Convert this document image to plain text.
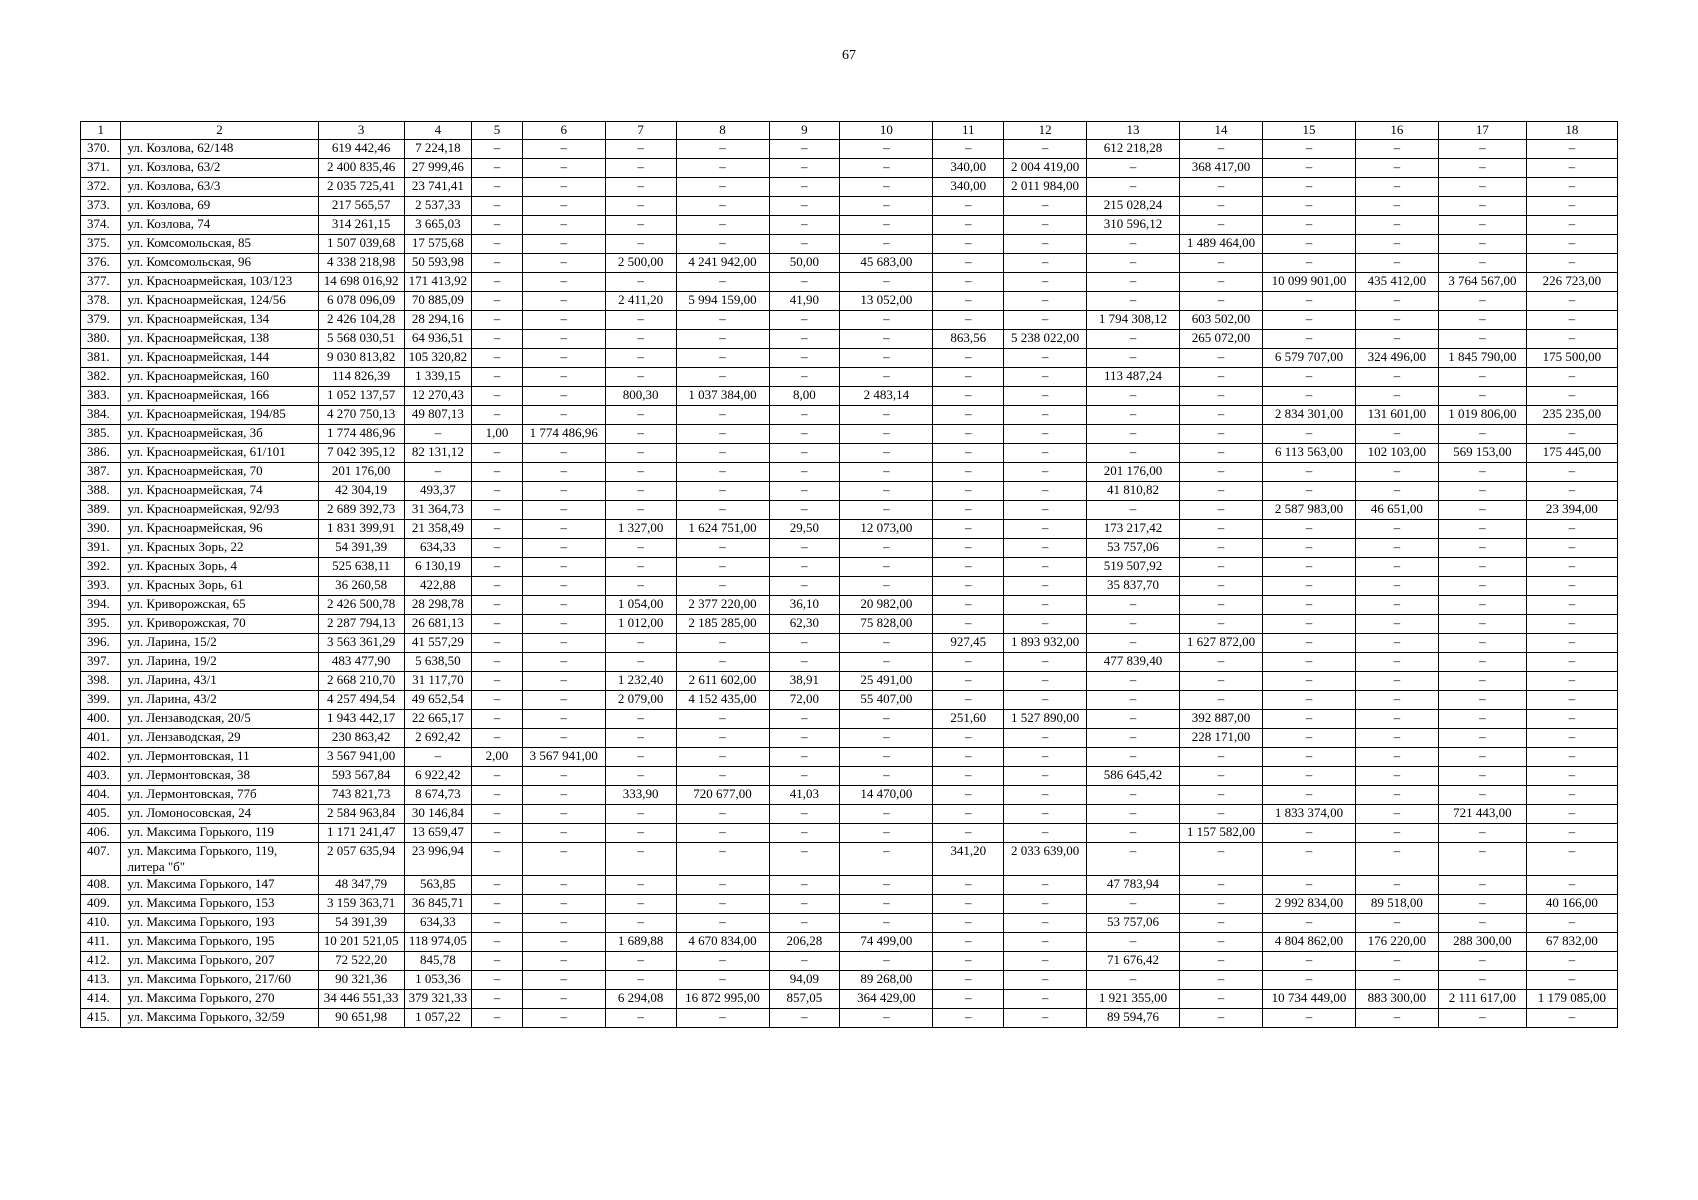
67
1	2	3	4	5	6	7	8	9	10	11	12	13	14	15	16	17	18
370.	ул. Козлова, 62/148	619 442,46	7 224,18	–	–	–	–	–	–	–	–	612 218,28	–	–	–	–	–
371.	ул. Козлова, 63/2	2 400 835,46	27 999,46	–	–	–	–	–	–	340,00	2 004 419,00	–	368 417,00	–	–	–	–
372.	ул. Козлова, 63/3	2 035 725,41	23 741,41	–	–	–	–	–	–	340,00	2 011 984,00	–	–	–	–	–	–
373.	ул. Козлова, 69	217 565,57	2 537,33	–	–	–	–	–	–	–	–	215 028,24	–	–	–	–	–
374.	ул. Козлова, 74	314 261,15	3 665,03	–	–	–	–	–	–	–	–	310 596,12	–	–	–	–	–
375.	ул. Комсомольская, 85	1 507 039,68	17 575,68	–	–	–	–	–	–	–	–	–	1 489 464,00	–	–	–	–
376.	ул. Комсомольская, 96	4 338 218,98	50 593,98	–	–	2 500,00	4 241 942,00	50,00	45 683,00	–	–	–	–	–	–	–	–
377.	ул. Красноармейская, 103/123	14 698 016,92	171 413,92	–	–	–	–	–	–	–	–	–	–	10 099 901,00	435 412,00	3 764 567,00	226 723,00
378.	ул. Красноармейская, 124/56	6 078 096,09	70 885,09	–	–	2 411,20	5 994 159,00	41,90	13 052,00	–	–	–	–	–	–	–	–
379.	ул. Красноармейская, 134	2 426 104,28	28 294,16	–	–	–	–	–	–	–	–	1 794 308,12	603 502,00	–	–	–	–
380.	ул. Красноармейская, 138	5 568 030,51	64 936,51	–	–	–	–	–	–	863,56	5 238 022,00	–	265 072,00	–	–	–	–
381.	ул. Красноармейская, 144	9 030 813,82	105 320,82	–	–	–	–	–	–	–	–	–	–	6 579 707,00	324 496,00	1 845 790,00	175 500,00
382.	ул. Красноармейская, 160	114 826,39	1 339,15	–	–	–	–	–	–	–	–	113 487,24	–	–	–	–	–
383.	ул. Красноармейская, 166	1 052 137,57	12 270,43	–	–	800,30	1 037 384,00	8,00	2 483,14	–	–	–	–	–	–	–	–
384.	ул. Красноармейская, 194/85	4 270 750,13	49 807,13	–	–	–	–	–	–	–	–	–	–	2 834 301,00	131 601,00	1 019 806,00	235 235,00
385.	ул. Красноармейская, 3б	1 774 486,96	–	1,00	1 774 486,96	–	–	–	–	–	–	–	–	–	–	–	–
386.	ул. Красноармейская, 61/101	7 042 395,12	82 131,12	–	–	–	–	–	–	–	–	–	–	6 113 563,00	102 103,00	569 153,00	175 445,00
387.	ул. Красноармейская, 70	201 176,00	–	–	–	–	–	–	–	–	–	201 176,00	–	–	–	–	–
388.	ул. Красноармейская, 74	42 304,19	493,37	–	–	–	–	–	–	–	–	41 810,82	–	–	–	–	–
389.	ул. Красноармейская, 92/93	2 689 392,73	31 364,73	–	–	–	–	–	–	–	–	–	–	2 587 983,00	46 651,00	–	23 394,00
390.	ул. Красноармейская, 96	1 831 399,91	21 358,49	–	–	1 327,00	1 624 751,00	29,50	12 073,00	–	–	173 217,42	–	–	–	–	–
391.	ул. Красных Зорь, 22	54 391,39	634,33	–	–	–	–	–	–	–	–	53 757,06	–	–	–	–	–
392.	ул. Красных Зорь, 4	525 638,11	6 130,19	–	–	–	–	–	–	–	–	519 507,92	–	–	–	–	–
393.	ул. Красных Зорь, 61	36 260,58	422,88	–	–	–	–	–	–	–	–	35 837,70	–	–	–	–	–
394.	ул. Криворожская, 65	2 426 500,78	28 298,78	–	–	1 054,00	2 377 220,00	36,10	20 982,00	–	–	–	–	–	–	–	–
395.	ул. Криворожская, 70	2 287 794,13	26 681,13	–	–	1 012,00	2 185 285,00	62,30	75 828,00	–	–	–	–	–	–	–	–
396.	ул. Ларина, 15/2	3 563 361,29	41 557,29	–	–	–	–	–	–	927,45	1 893 932,00	–	1 627 872,00	–	–	–	–
397.	ул. Ларина, 19/2	483 477,90	5 638,50	–	–	–	–	–	–	–	–	477 839,40	–	–	–	–	–
398.	ул. Ларина, 43/1	2 668 210,70	31 117,70	–	–	1 232,40	2 611 602,00	38,91	25 491,00	–	–	–	–	–	–	–	–
399.	ул. Ларина, 43/2	4 257 494,54	49 652,54	–	–	2 079,00	4 152 435,00	72,00	55 407,00	–	–	–	–	–	–	–	–
400.	ул. Лензаводская, 20/5	1 943 442,17	22 665,17	–	–	–	–	–	–	251,60	1 527 890,00	–	392 887,00	–	–	–	–
401.	ул. Лензаводская, 29	230 863,42	2 692,42	–	–	–	–	–	–	–	–	–	228 171,00	–	–	–	–
402.	ул. Лермонтовская, 11	3 567 941,00	–	2,00	3 567 941,00	–	–	–	–	–	–	–	–	–	–	–	–
403.	ул. Лермонтовская, 38	593 567,84	6 922,42	–	–	–	–	–	–	–	–	586 645,42	–	–	–	–	–
404.	ул. Лермонтовская, 77б	743 821,73	8 674,73	–	–	333,90	720 677,00	41,03	14 470,00	–	–	–	–	–	–	–	–
405.	ул. Ломоносовская, 24	2 584 963,84	30 146,84	–	–	–	–	–	–	–	–	–	–	1 833 374,00	–	721 443,00	–
406.	ул. Максима Горького, 119	1 171 241,47	13 659,47	–	–	–	–	–	–	–	–	–	1 157 582,00	–	–	–	–
407.	ул. Максима Горького, 119, литера "б"	2 057 635,94	23 996,94	–	–	–	–	–	–	341,20	2 033 639,00	–	–	–	–	–	–
408.	ул. Максима Горького, 147	48 347,79	563,85	–	–	–	–	–	–	–	–	47 783,94	–	–	–	–	–
409.	ул. Максима Горького, 153	3 159 363,71	36 845,71	–	–	–	–	–	–	–	–	–	–	2 992 834,00	89 518,00	–	40 166,00
410.	ул. Максима Горького, 193	54 391,39	634,33	–	–	–	–	–	–	–	–	53 757,06	–	–	–	–	–
411.	ул. Максима Горького, 195	10 201 521,05	118 974,05	–	–	1 689,88	4 670 834,00	206,28	74 499,00	–	–	–	–	4 804 862,00	176 220,00	288 300,00	67 832,00
412.	ул. Максима Горького, 207	72 522,20	845,78	–	–	–	–	–	–	–	–	71 676,42	–	–	–	–	–
413.	ул. Максима Горького, 217/60	90 321,36	1 053,36	–	–	–	–	94,09	89 268,00	–	–	–	–	–	–	–	–
414.	ул. Максима Горького, 270	34 446 551,33	379 321,33	–	–	6 294,08	16 872 995,00	857,05	364 429,00	–	–	1 921 355,00	–	10 734 449,00	883 300,00	2 111 617,00	1 179 085,00
415.	ул. Максима Горького, 32/59	90 651,98	1 057,22	–	–	–	–	–	–	–	–	89 594,76	–	–	–	–	–
